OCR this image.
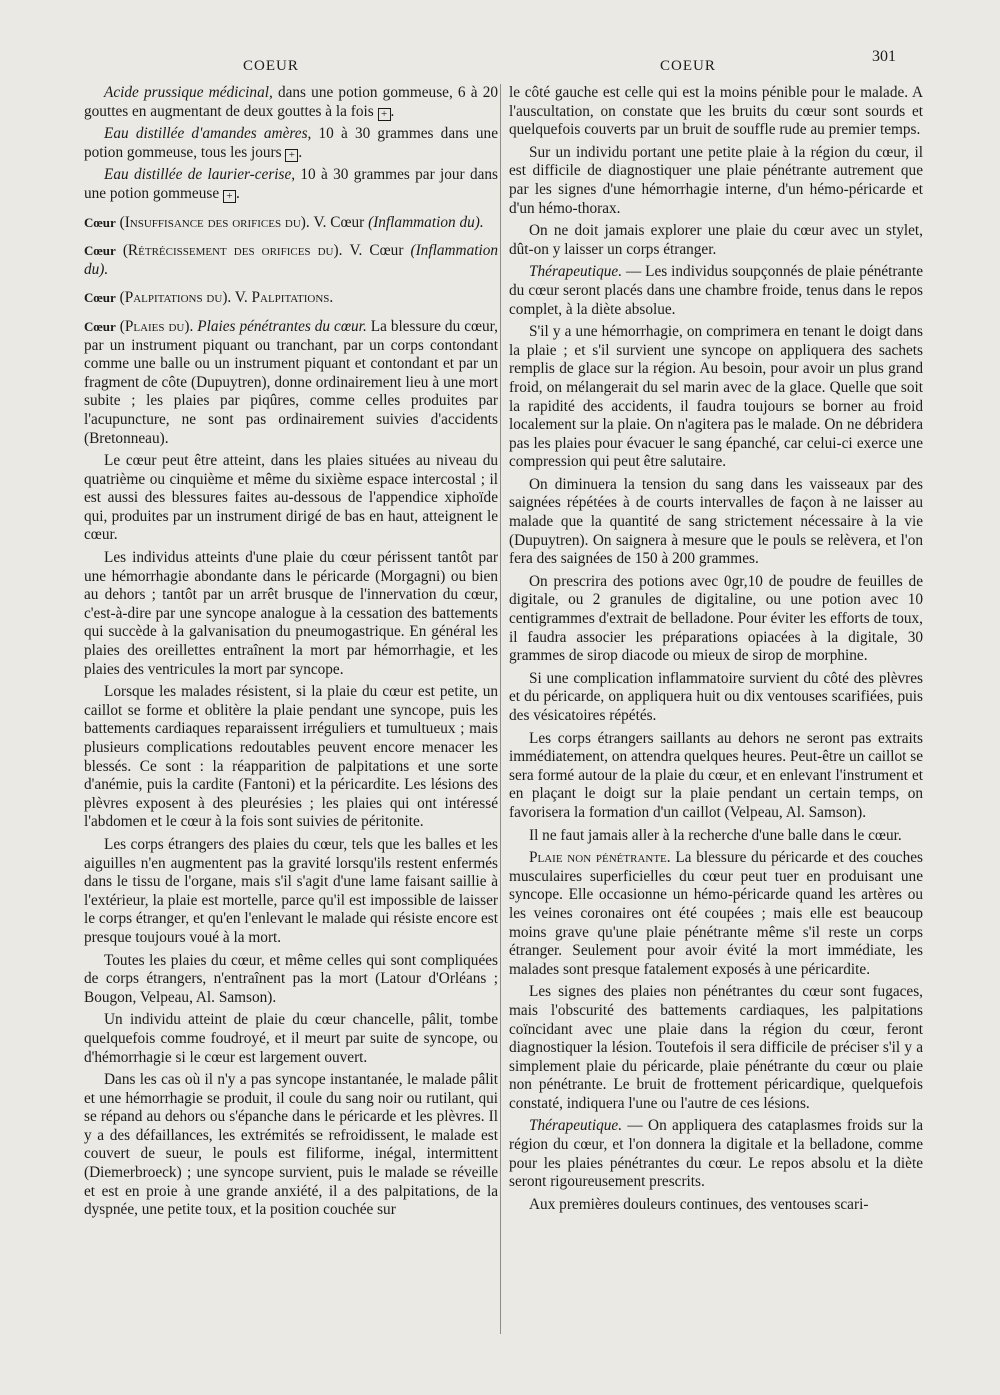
COEUR	COEUR
301

Acide prussique médicinal, dans une potion gommeuse, 6 à 20 gouttes en augmentant de deux gouttes à la fois + .

Eau distillée d'amandes amères, 10 à 30 grammes dans une potion gommeuse, tous les jours + .

Eau distillée de laurier-cerise, 10 à 30 grammes par jour dans une potion gommeuse + .

Cœur (Insuffisance des orifices du). V. Cœur (Inflammation du).

Cœur (Rétrécissement des orifices du). V. Cœur (Inflammation du).

Cœur (Palpitations du). V. Palpitations.

Cœur (Plaies du). Plaies pénétrantes du cœur. La blessure du cœur, par un instrument piquant ou tranchant, par un corps contondant comme une balle ou un instrument piquant et contondant et par un fragment de côte (Dupuytren), donne ordinairement lieu à une mort subite ; les plaies par piqûres, comme celles produites par l'acupuncture, ne sont pas ordinairement suivies d'accidents (Bretonneau).

Le cœur peut être atteint, dans les plaies situées au niveau du quatrième ou cinquième et même du sixième espace intercostal ; il est aussi des blessures faites au-dessous de l'appendice xiphoïde qui, produites par un instrument dirigé de bas en haut, atteignent le cœur.

Les individus atteints d'une plaie du cœur périssent tantôt par une hémorrhagie abondante dans le péricarde (Morgagni) ou bien au dehors ; tantôt par un arrêt brusque de l'innervation du cœur, c'est-à-dire par une syncope analogue à la cessation des battements qui succède à la galvanisation du pneumogastrique. En général les plaies des oreillettes entraînent la mort par hémorrhagie, et les plaies des ventricules la mort par syncope.

Lorsque les malades résistent, si la plaie du cœur est petite, un caillot se forme et oblitère la plaie pendant une syncope, puis les battements cardiaques reparaissent irréguliers et tumultueux ; mais plusieurs complications redoutables peuvent encore menacer les blessés. Ce sont : la réapparition de palpitations et une sorte d'anémie, puis la cardite (Fantoni) et la péricardite. Les lésions des plèvres exposent à des pleurésies ; les plaies qui ont intéressé l'abdomen et le cœur à la fois sont suivies de péritonite.

Les corps étrangers des plaies du cœur, tels que les balles et les aiguilles n'en augmentent pas la gravité lorsqu'ils restent enfermés dans le tissu de l'organe, mais s'il s'agit d'une lame faisant saillie à l'extérieur, la plaie est mortelle, parce qu'il est impossible de laisser le corps étranger, et qu'en l'enlevant le malade qui résiste encore est presque toujours voué à la mort.

Toutes les plaies du cœur, et même celles qui sont compliquées de corps étrangers, n'entraînent pas la mort (Latour d'Orléans ; Bougon, Velpeau, Al. Samson).

Un individu atteint de plaie du cœur chancelle, pâlit, tombe quelquefois comme foudroyé, et il meurt par suite de syncope, ou d'hémorrhagie si le cœur est largement ouvert.

Dans les cas où il n'y a pas syncope instantanée, le malade pâlit et une hémorrhagie se produit, il coule du sang noir ou rutilant, qui se répand au dehors ou s'épanche dans le péricarde et les plèvres. Il y a des défaillances, les extrémités se refroidissent, le malade est couvert de sueur, le pouls est filiforme, inégal, intermittent (Diemerbroeck) ; une syncope survient, puis le malade se réveille et est en proie à une grande anxiété, il a des palpitations, de la dyspnée, une petite toux, et la position couchée sur

le côté gauche est celle qui est la moins pénible pour le malade. A l'auscultation, on constate que les bruits du cœur sont sourds et quelquefois couverts par un bruit de souffle rude au premier temps.

Sur un individu portant une petite plaie à la région du cœur, il est difficile de diagnostiquer une plaie pénétrante autrement que par les signes d'une hémorrhagie interne, d'un hémo-péricarde et d'un hémo-thorax.

On ne doit jamais explorer une plaie du cœur avec un stylet, dût-on y laisser un corps étranger.

Thérapeutique. — Les individus soupçonnés de plaie pénétrante du cœur seront placés dans une chambre froide, tenus dans le repos complet, à la diète absolue.

S'il y a une hémorrhagie, on comprimera en tenant le doigt dans la plaie ; et s'il survient une syncope on appliquera des sachets remplis de glace sur la région. Au besoin, pour avoir un plus grand froid, on mélangerait du sel marin avec de la glace. Quelle que soit la rapidité des accidents, il faudra toujours se borner au froid localement sur la plaie. On n'agitera pas le malade. On ne débridera pas les plaies pour évacuer le sang épanché, car celui-ci exerce une compression qui peut être salutaire.

On diminuera la tension du sang dans les vaisseaux par des saignées répétées à de courts intervalles de façon à ne laisser au malade que la quantité de sang strictement nécessaire à la vie (Dupuytren). On saignera à mesure que le pouls se relèvera, et l'on fera des saignées de 150 à 200 grammes.

On prescrira des potions avec 0gr,10 de poudre de feuilles de digitale, ou 2 granules de digitaline, ou une potion avec 10 centigrammes d'extrait de belladone. Pour éviter les efforts de toux, il faudra associer les préparations opiacées à la digitale, 30 grammes de sirop diacode ou mieux de sirop de morphine.

Si une complication inflammatoire survient du côté des plèvres et du péricarde, on appliquera huit ou dix ventouses scarifiées, puis des vésicatoires répétés.

Les corps étrangers saillants au dehors ne seront pas extraits immédiatement, on attendra quelques heures. Peut-être un caillot se sera formé autour de la plaie du cœur, et en enlevant l'instrument et en plaçant le doigt sur la plaie pendant un certain temps, on favorisera la formation d'un caillot (Velpeau, Al. Samson).

Il ne faut jamais aller à la recherche d'une balle dans le cœur.

Plaie non pénétrante. La blessure du péricarde et des couches musculaires superficielles du cœur peut tuer en produisant une syncope. Elle occasionne un hémo-péricarde quand les artères ou les veines coronaires ont été coupées ; mais elle est beaucoup moins grave qu'une plaie pénétrante même s'il reste un corps étranger. Seulement pour avoir évité la mort immédiate, les malades sont presque fatalement exposés à une péricardite.

Les signes des plaies non pénétrantes du cœur sont fugaces, mais l'obscurité des battements cardiaques, les palpitations coïncidant avec une plaie dans la région du cœur, feront diagnostiquer la lésion. Toutefois il sera difficile de préciser s'il y a simplement plaie du péricarde, plaie pénétrante du cœur ou plaie non pénétrante. Le bruit de frottement péricardique, quelquefois constaté, indiquera l'une ou l'autre de ces lésions.

Thérapeutique. — On appliquera des cataplasmes froids sur la région du cœur, et l'on donnera la digitale et la belladone, comme pour les plaies pénétrantes du cœur. Le repos absolu et la diète seront rigoureusement prescrits.

Aux premières douleurs continues, des ventouses scari-
